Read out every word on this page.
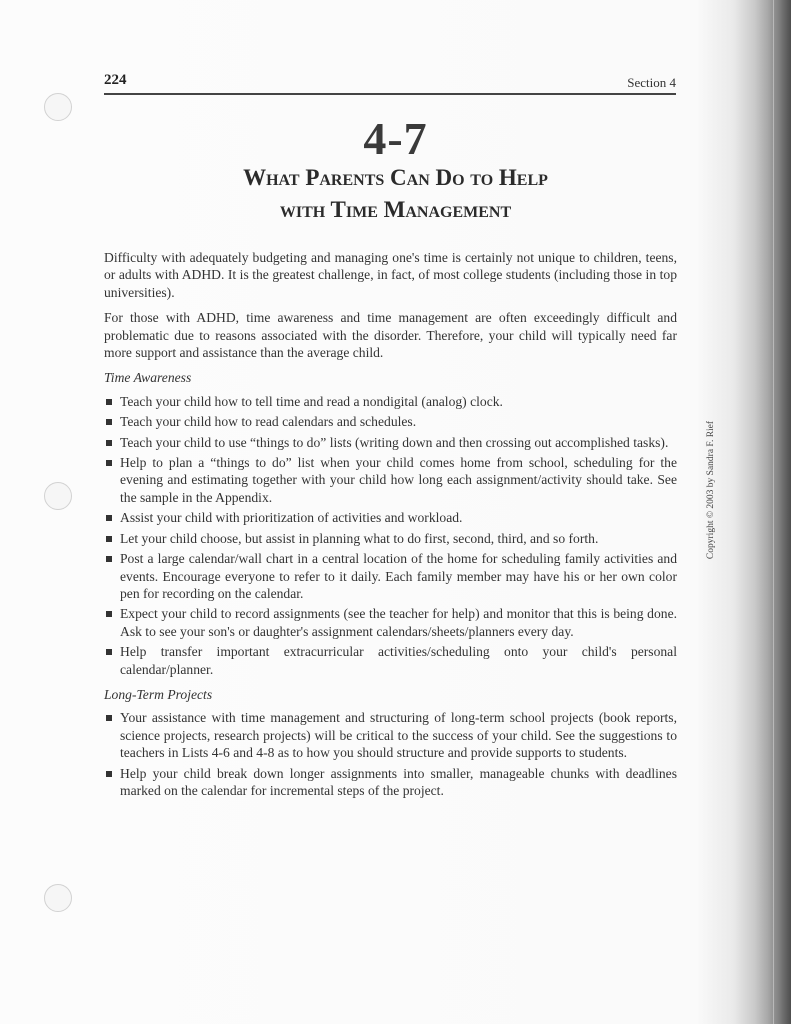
224	Section 4
4-7
What Parents Can Do to Help
with Time Management

Difficulty with adequately budgeting and managing one's time is certainly not unique to children, teens, or adults with ADHD. It is the greatest challenge, in fact, of most college students (including those in top universities).

For those with ADHD, time awareness and time management are often exceedingly difficult and problematic due to reasons associated with the disorder. Therefore, your child will typically need far more support and assistance than the average child.

Time Awareness
Teach your child how to tell time and read a nondigital (analog) clock.
Teach your child how to read calendars and schedules.
Teach your child to use “things to do” lists (writing down and then crossing out accomplished tasks).
Help to plan a “things to do” list when your child comes home from school, scheduling for the evening and estimating together with your child how long each assignment/activity should take. See the sample in the Appendix.
Assist your child with prioritization of activities and workload.
Let your child choose, but assist in planning what to do first, second, third, and so forth.
Post a large calendar/wall chart in a central location of the home for scheduling family activities and events. Encourage everyone to refer to it daily. Each family member may have his or her own color pen for recording on the calendar.
Expect your child to record assignments (see the teacher for help) and monitor that this is being done. Ask to see your son's or daughter's assignment calendars/sheets/planners every day.
Help transfer important extracurricular activities/scheduling onto your child's personal calendar/planner.
Long-Term Projects
Your assistance with time management and structuring of long-term school projects (book reports, science projects, research projects) will be critical to the success of your child. See the suggestions to teachers in Lists 4-6 and 4-8 as to how you should structure and provide supports to students.
Help your child break down longer assignments into smaller, manageable chunks with deadlines marked on the calendar for incremental steps of the project.
Copyright © 2003 by Sandra F. Rief
